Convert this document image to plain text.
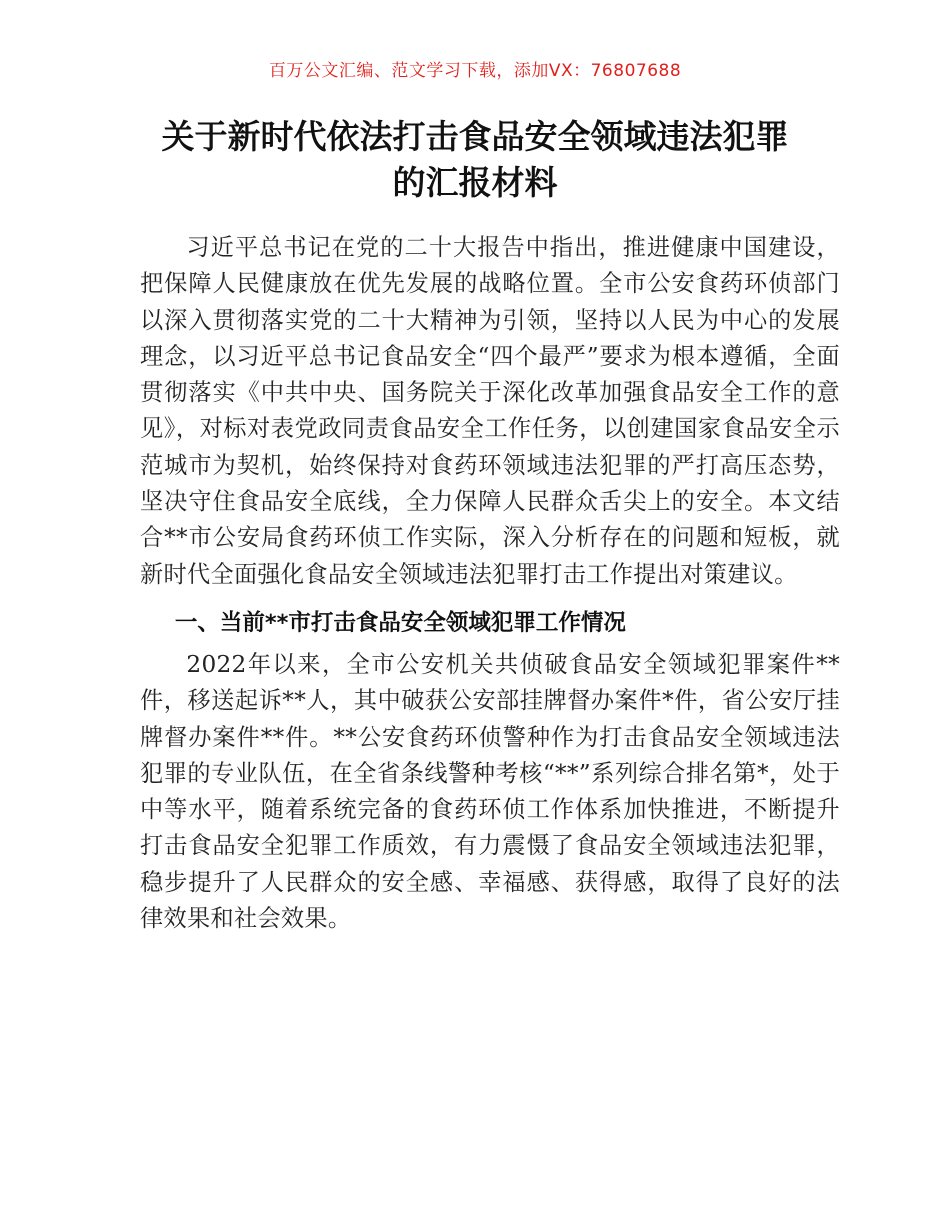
百万公文汇编、范文学习下载，添加VX：76807688
关于新时代依法打击食品安全领域违法犯罪
的汇报材料

习近平总书记在党的二十大报告中指出，推进健康中国建设，把保障人民健康放在优先发展的战略位置。全市公安食药环侦部门以深入贯彻落实党的二十大精神为引领，坚持以人民为中心的发展理念，以习近平总书记食品安全“四个最严”要求为根本遵循，全面贯彻落实《中共中央、国务院关于深化改革加强食品安全工作的意见》，对标对表党政同责食品安全工作任务，以创建国家食品安全示范城市为契机，始终保持对食药环领域违法犯罪的严打高压态势，坚决守住食品安全底线，全力保障人民群众舌尖上的安全。本文结合**市公安局食药环侦工作实际，深入分析存在的问题和短板，就新时代全面强化食品安全领域违法犯罪打击工作提出对策建议。

一、当前**市打击食品安全领域犯罪工作情况

2022年以来，全市公安机关共侦破食品安全领域犯罪案件**件，移送起诉**人，其中破获公安部挂牌督办案件*件，省公安厅挂牌督办案件**件。**公安食药环侦警种作为打击食品安全领域违法犯罪的专业队伍，在全省条线警种考核“**”系列综合排名第*，处于中等水平，随着系统完备的食药环侦工作体系加快推进，不断提升打击食品安全犯罪工作质效，有力震慑了食品安全领域违法犯罪，稳步提升了人民群众的安全感、幸福感、获得感，取得了良好的法律效果和社会效果。
